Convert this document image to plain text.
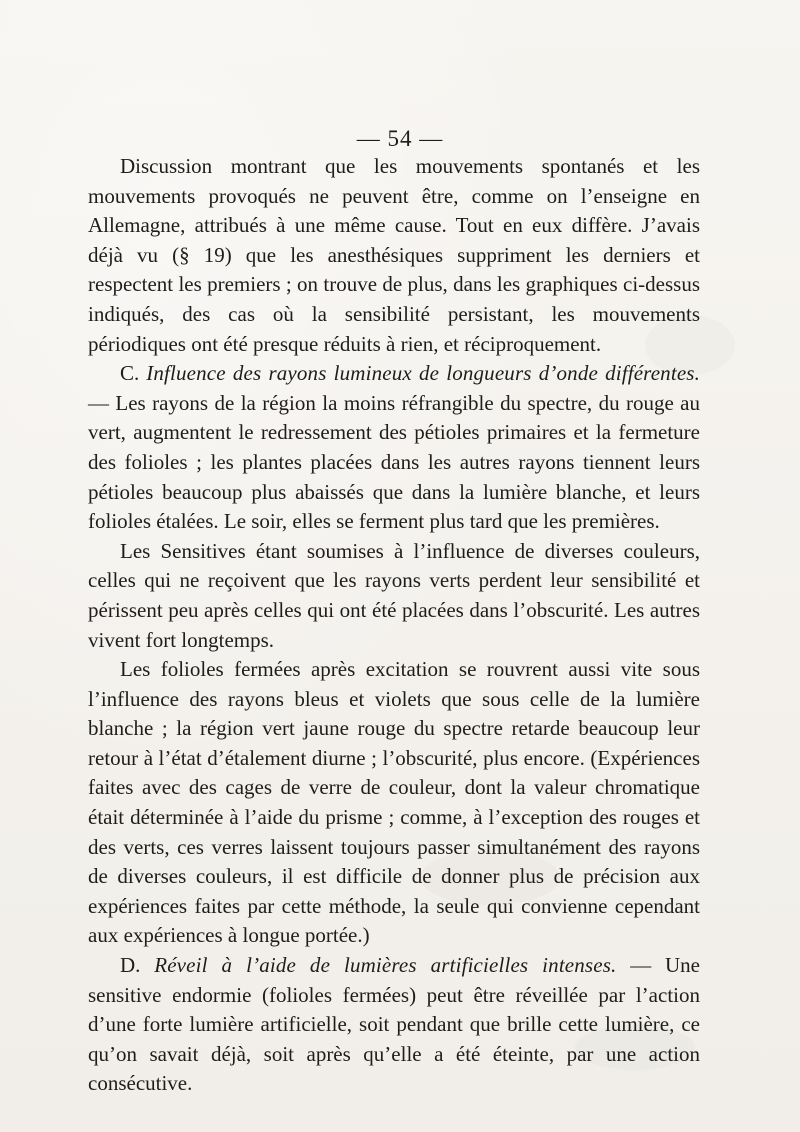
— 54 —

Discussion montrant que les mouvements spontanés et les mouvements provoqués ne peuvent être, comme on l’enseigne en Allemagne, attribués à une même cause. Tout en eux diffère. J’avais déjà vu (§ 19) que les anesthésiques suppriment les derniers et respectent les premiers ; on trouve de plus, dans les graphiques ci-dessus indiqués, des cas où la sensibilité persistant, les mouvements périodiques ont été presque réduits à rien, et réciproquement.

C. Influence des rayons lumineux de longueurs d’onde différentes. — Les rayons de la région la moins réfrangible du spectre, du rouge au vert, augmentent le redressement des pétioles primaires et la fermeture des folioles ; les plantes placées dans les autres rayons tiennent leurs pétioles beaucoup plus abaissés que dans la lumière blanche, et leurs folioles étalées. Le soir, elles se ferment plus tard que les premières.

Les Sensitives étant soumises à l’influence de diverses couleurs, celles qui ne reçoivent que les rayons verts perdent leur sensibilité et périssent peu après celles qui ont été placées dans l’obscurité. Les autres vivent fort longtemps.

Les folioles fermées après excitation se rouvrent aussi vite sous l’influence des rayons bleus et violets que sous celle de la lumière blanche ; la région vert jaune rouge du spectre retarde beaucoup leur retour à l’état d’étalement diurne ; l’obscurité, plus encore. (Expériences faites avec des cages de verre de couleur, dont la valeur chromatique était déterminée à l’aide du prisme ; comme, à l’exception des rouges et des verts, ces verres laissent toujours passer simultanément des rayons de diverses couleurs, il est difficile de donner plus de précision aux expériences faites par cette méthode, la seule qui convienne cependant aux expériences à longue portée.)

D. Réveil à l’aide de lumières artificielles intenses. — Une sensitive endormie (folioles fermées) peut être réveillée par l’action d’une forte lumière artificielle, soit pendant que brille cette lumière, ce qu’on savait déjà, soit après qu’elle a été éteinte, par une action consécutive.
